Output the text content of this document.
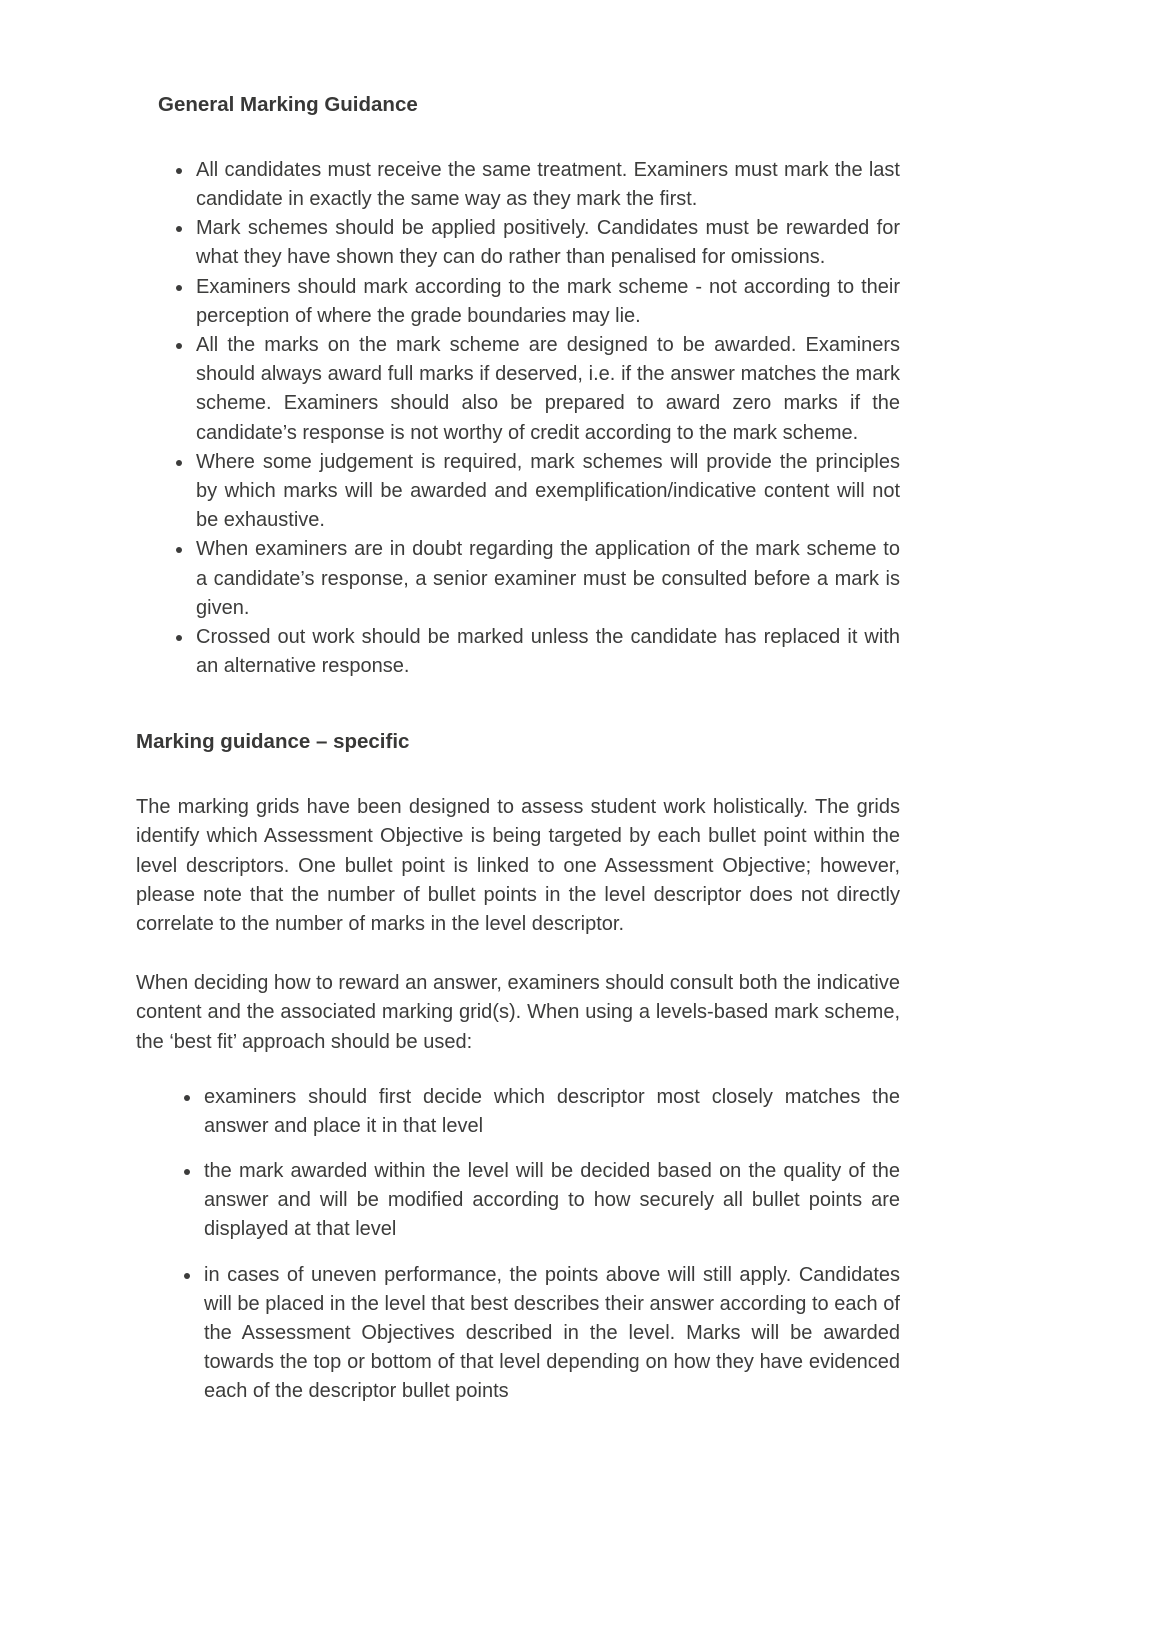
General Marking Guidance
• All candidates must receive the same treatment. Examiners must mark the last candidate in exactly the same way as they mark the first.
• Mark schemes should be applied positively. Candidates must be rewarded for what they have shown they can do rather than penalised for omissions.
• Examiners should mark according to the mark scheme - not according to their perception of where the grade boundaries may lie.
• All the marks on the mark scheme are designed to be awarded. Examiners should always award full marks if deserved, i.e. if the answer matches the mark scheme. Examiners should also be prepared to award zero marks if the candidate’s response is not worthy of credit according to the mark scheme.
• Where some judgement is required, mark schemes will provide the principles by which marks will be awarded and exemplification/indicative content will not be exhaustive.
• When examiners are in doubt regarding the application of the mark scheme to a candidate’s response, a senior examiner must be consulted before a mark is given.
• Crossed out work should be marked unless the candidate has replaced it with an alternative response.
Marking guidance – specific

The marking grids have been designed to assess student work holistically. The grids identify which Assessment Objective is being targeted by each bullet point within the level descriptors. One bullet point is linked to one Assessment Objective; however, please note that the number of bullet points in the level descriptor does not directly correlate to the number of marks in the level descriptor.

When deciding how to reward an answer, examiners should consult both the indicative content and the associated marking grid(s). When using a levels-based mark scheme, the ‘best fit’ approach should be used:

• examiners should first decide which descriptor most closely matches the answer and place it in that level
• the mark awarded within the level will be decided based on the quality of the answer and will be modified according to how securely all bullet points are displayed at that level
• in cases of uneven performance, the points above will still apply. Candidates will be placed in the level that best describes their answer according to each of the Assessment Objectives described in the level. Marks will be awarded towards the top or bottom of that level depending on how they have evidenced each of the descriptor bullet points
